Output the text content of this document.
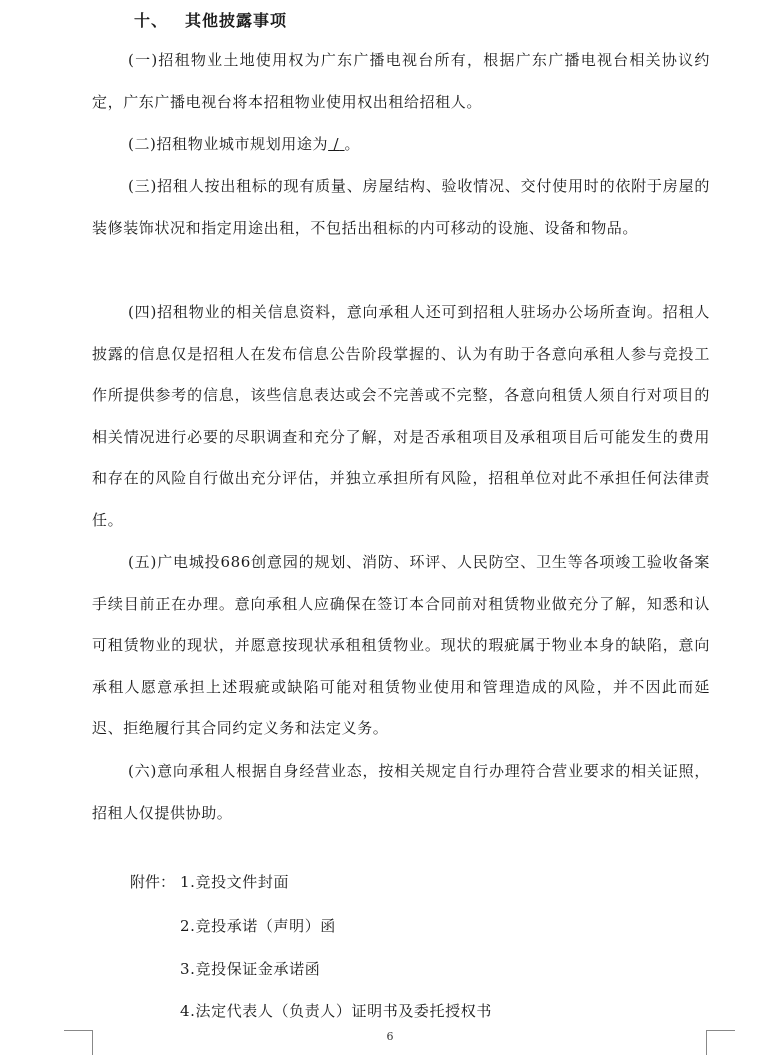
十、 其他披露事项

(一)招租物业土地使用权为广东广播电视台所有，根据广东广播电视台相关协议约定，广东广播电视台将本招租物业使用权出租给招租人。

(二)招租物业城市规划用途为 / 。

(三)招租人按出租标的现有质量、房屋结构、验收情况、交付使用时的依附于房屋的装修装饰状况和指定用途出租，不包括出租标的内可移动的设施、设备和物品。

(四)招租物业的相关信息资料，意向承租人还可到招租人驻场办公场所查询。招租人披露的信息仅是招租人在发布信息公告阶段掌握的、认为有助于各意向承租人参与竞投工作所提供参考的信息，该些信息表达或会不完善或不完整，各意向租赁人须自行对项目的相关情况进行必要的尽职调查和充分了解，对是否承租项目及承租项目后可能发生的费用和存在的风险自行做出充分评估，并独立承担所有风险，招租单位对此不承担任何法律责任。

(五)广电城投686创意园的规划、消防、环评、人民防空、卫生等各项竣工验收备案手续目前正在办理。意向承租人应确保在签订本合同前对租赁物业做充分了解，知悉和认可租赁物业的现状，并愿意按现状承租租赁物业。现状的瑕疵属于物业本身的缺陷，意向承租人愿意承担上述瑕疵或缺陷可能对租赁物业使用和管理造成的风险，并不因此而延迟、拒绝履行其合同约定义务和法定义务。

(六)意向承租人根据自身经营业态，按相关规定自行办理符合营业要求的相关证照，招租人仅提供协助。

附件： 1.竞投文件封面
2.竞投承诺（声明）函
3.竞投保证金承诺函
4.法定代表人（负责人）证明书及委托授权书
6
